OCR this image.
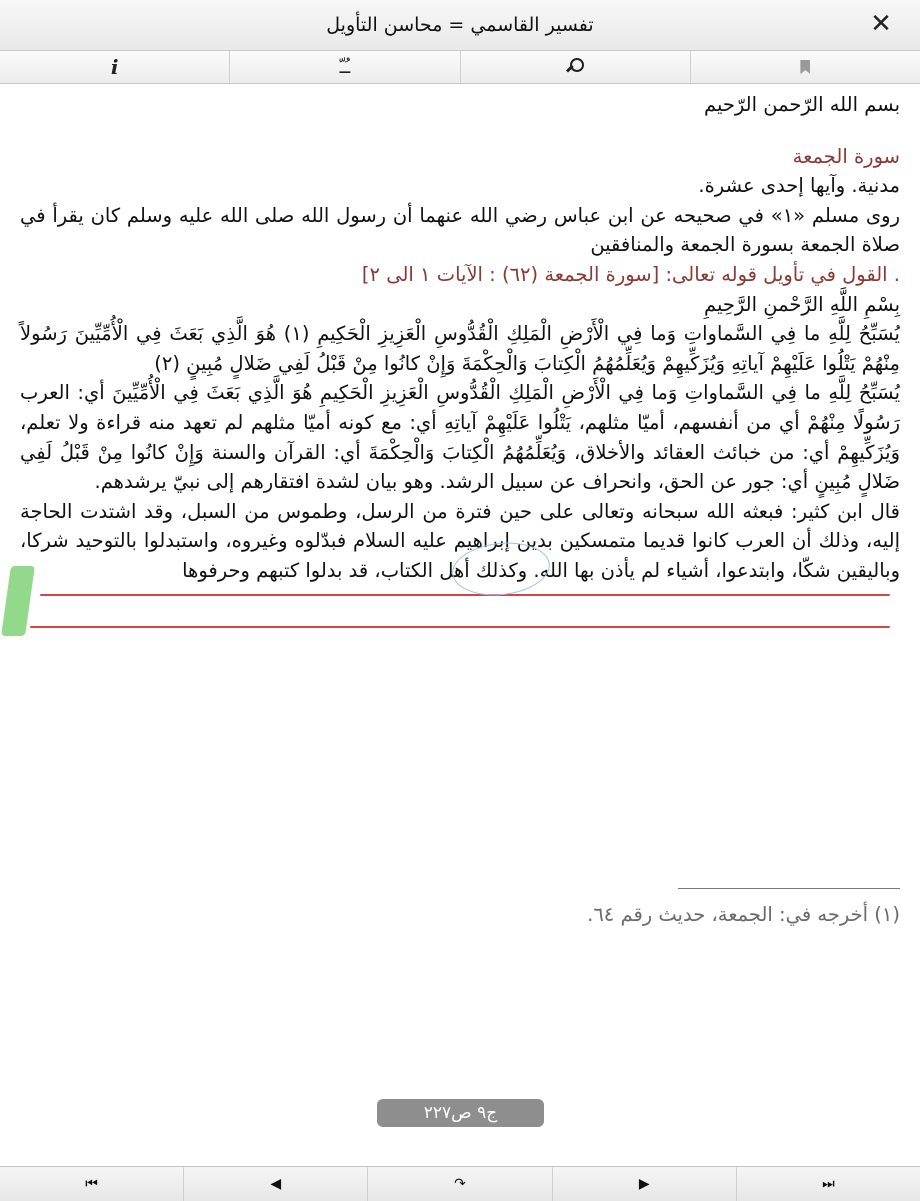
تفسير القاسمي = محاسن التأويل	✕
i	ـُـّ

بسم الله الرّحمن الرّحيم

سورة الجمعة

مدنية. وآيها إحدى عشرة.

روى مسلم «١» في صحيحه عن ابن عباس رضي الله عنهما أن رسول الله صلى الله عليه وسلم كان يقرأ في صلاة الجمعة بسورة الجمعة والمنافقين

. القول في تأويل قوله تعالى: [سورة الجمعة (٦٢) : الآيات ١ الى ٢]

بِسْمِ اللَّهِ الرَّحْمنِ الرَّحِيمِ

يُسَبِّحُ لِلَّهِ ما فِي السَّماواتِ وَما فِي الْأَرْضِ الْمَلِكِ الْقُدُّوسِ الْعَزِيزِ الْحَكِيمِ (١) هُوَ الَّذِي بَعَثَ فِي الْأُمِّيِّينَ رَسُولاً مِنْهُمْ يَتْلُوا عَلَيْهِمْ آياتِهِ وَيُزَكِّيهِمْ وَيُعَلِّمُهُمُ الْكِتابَ وَالْحِكْمَةَ وَإِنْ كانُوا مِنْ قَبْلُ لَفِي ضَلالٍ مُبِينٍ (٢)

يُسَبِّحُ لِلَّهِ ما فِي السَّماواتِ وَما فِي الْأَرْضِ الْمَلِكِ الْقُدُّوسِ الْعَزِيزِ الْحَكِيمِ هُوَ الَّذِي بَعَثَ فِي الْأُمِّيِّينَ أي: العرب رَسُولًا مِنْهُمْ أي من أنفسهم، أميّا مثلهم، يَتْلُوا عَلَيْهِمْ آياتِهِ أي: مع كونه أميّا مثلهم لم تعهد منه قراءة ولا تعلم، وَيُزَكِّيهِمْ أي: من خبائث العقائد والأخلاق، وَيُعَلِّمُهُمُ الْكِتابَ وَالْحِكْمَةَ أي: القرآن والسنة وَإِنْ كانُوا مِنْ قَبْلُ لَفِي ضَلالٍ مُبِينٍ أي: جور عن الحق، وانحراف عن سبيل الرشد. وهو بيان لشدة افتقارهم إلى نبيّ يرشدهم.

قال ابن كثير: فبعثه الله سبحانه وتعالى على حين فترة من الرسل، وطموس من السبل، وقد اشتدت الحاجة إليه، وذلك أن العرب كانوا قديما متمسكين بدين إبراهيم عليه السلام فبدّلوه وغيروه، واستبدلوا بالتوحيد شركا، وباليقين شكّا، وابتدعوا، أشياء لم يأذن بها الله. وكذلك أهل الكتاب، قد بدلوا كتبهم وحرفوها

(١) أخرجه في: الجمعة، حديث رقم ٦٤.
ج٩ ص٢٢٧
⏮	◀	↷	▶	⏭
